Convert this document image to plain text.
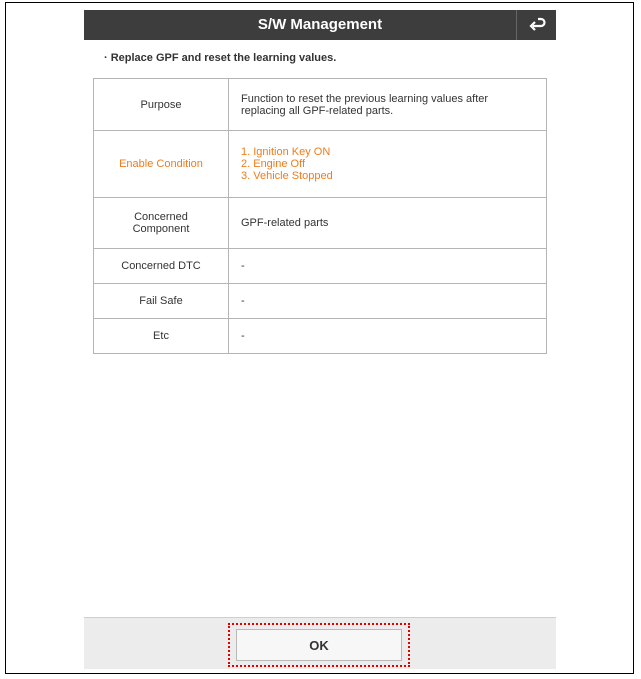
S/W Management
· Replace GPF and reset the learning values.
Purpose	Function to reset the previous learning values after
replacing all GPF-related parts.

Enable Condition	1. Ignition Key ON
2. Engine Off
3. Vehicle Stopped

Concerned
Component	GPF-related parts
Concerned DTC	-
Fail Safe	-
Etc	-
OK
